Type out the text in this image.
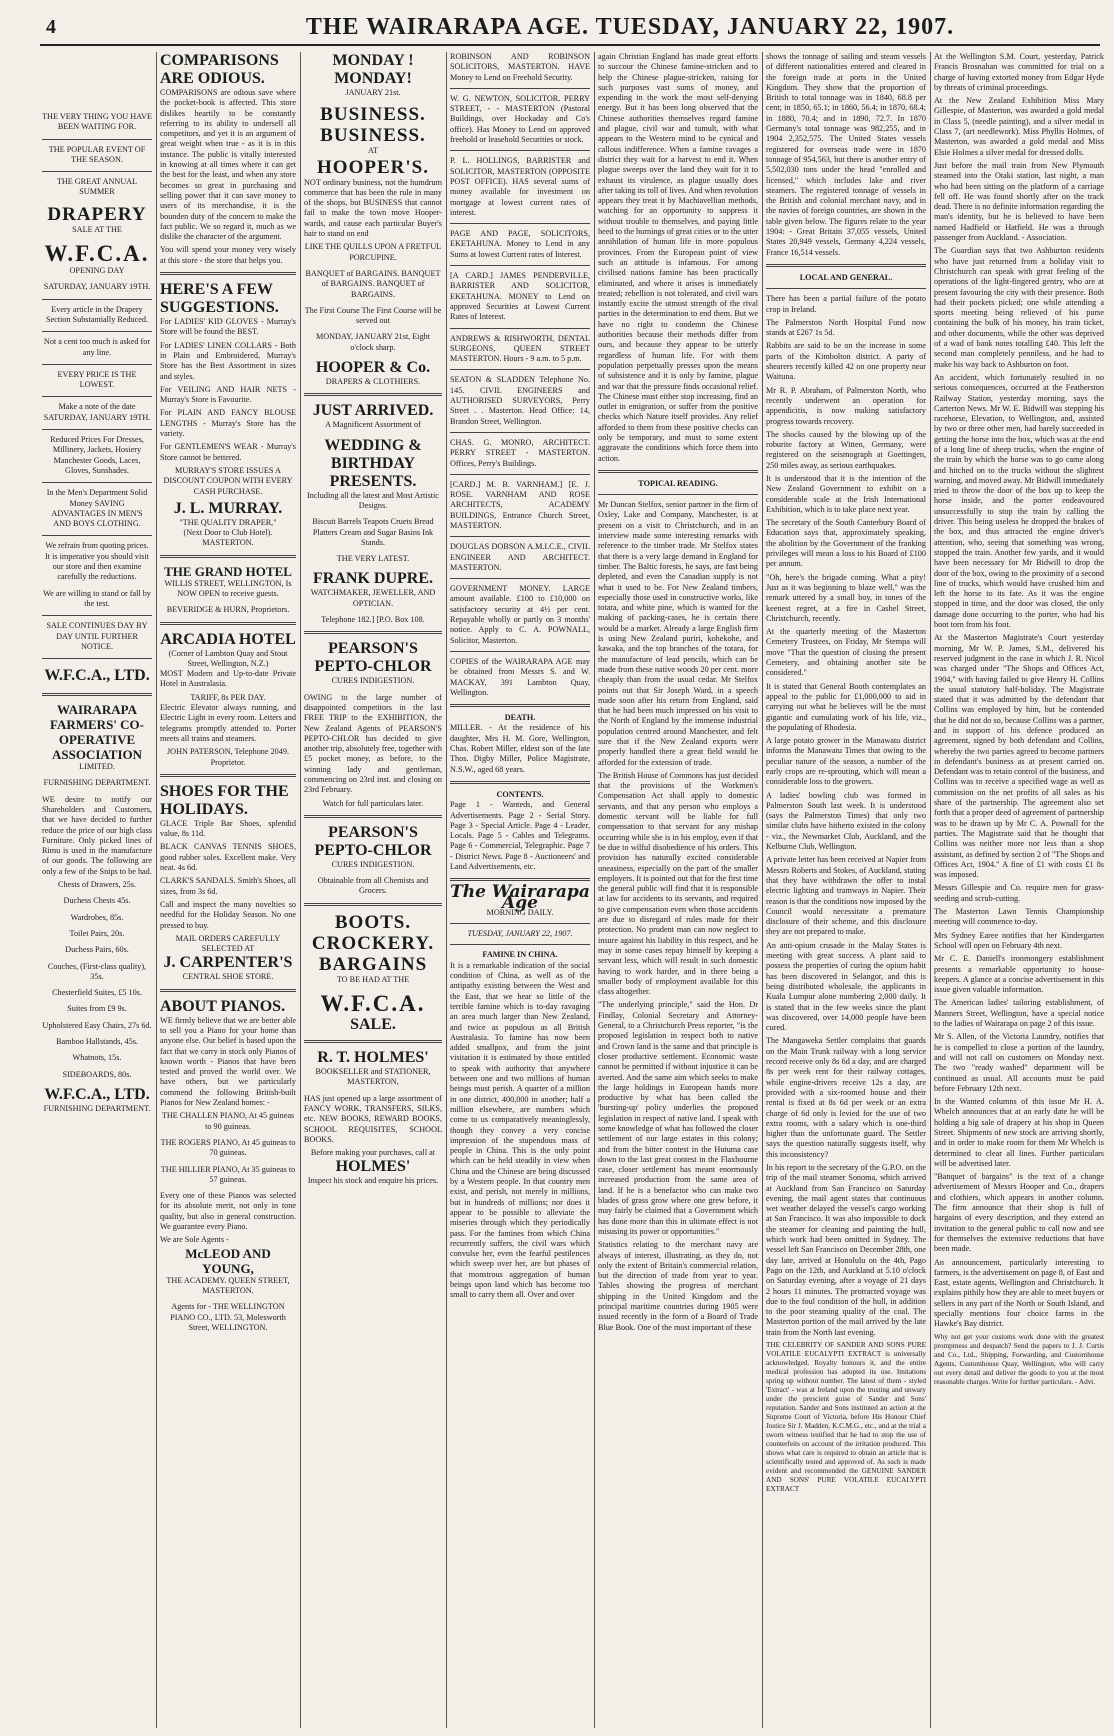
4	THE WAIRARAPA AGE. TUESDAY, JANUARY 22, 1907.
THE VERY THING YOU HAVE BEEN WAITING FOR.
THE POPULAR EVENT OF THE SEASON.
THE GREAT ANNUAL SUMMER
DRAPERY
SALE AT THE
W.F.C.A.
OPENING DAY
SATURDAY, JANUARY 19TH.
Every article in the Drapery Section Substantially Reduced.
Not a cent too much is asked for any line.
EVERY PRICE IS THE LOWEST.
Make a note of the date SATURDAY, JANUARY 19TH.
Reduced Prices For Dresses, Millinery, Jackets, Hosiery Manchester Goods, Laces, Gloves, Sunshades.
In the Men's Department Solid Money SAVING ADVANTAGES IN MEN'S AND BOYS CLOTHING.
We refrain from quoting prices. It is imperative you should visit our store and then examine carefully the reductions.
We are willing to stand or fall by the test.
SALE CONTINUES DAY BY DAY UNTIL FURTHER NOTICE.
W.F.C.A., LTD.
WAIRARAPA FARMERS' CO-OPERATIVE ASSOCIATION
LIMITED.
FURNISHING DEPARTMENT.

WE desire to notify our Shareholders and Customers, that we have decided to further reduce the price of our high class Furniture. Only picked lines of Rimu is used in the manufacture of our goods. The following are only a few of the Snips to be had.

Chests of Drawers, 25s.
Duchess Chests 45s.
Wardrobes, 85s.
Toilet Pairs, 20s.
Duchess Pairs, 60s.
Couches, (First-class quality), 35s.
Chesterfield Suites, £5 10s.
Suites from £9 9s.
Upholstered Easy Chairs, 27s 6d.
Bamboo Hallstands, 45s.
Whatnots, 15s.
SIDEBOARDS, 80s.
W.F.C.A., LTD.
FURNISHING DEPARTMENT.
COMPARISONS ARE ODIOUS.

COMPARISONS are odious save where the pocket-book is affected. This store dislikes heartily to be constantly referring to its ability to undersell all competitors, and yet it is an argument of great weight when true - as it is in this instance. The public is vitally interested in knowing at all times where it can get the best for the least, and when any store becomes so great in purchasing and selling power that it can save money to users of its merchandise, it is the bounden duty of the concern to make the fact public. We so regard it, much as we dislike the character of the argument.

You will spend your money very wisely at this store - the store that helps you.

HERE'S A FEW SUGGESTIONS.

For LADIES' KID GLOVES - Murray's Store will be found the BEST.

For LADIES' LINEN COLLARS - Both in Plain and Embroidered, Murray's Store has the Best Assortment in sizes and styles.

For VEILING AND HAIR NETS - Murray's Store is Favourite.

For PLAIN AND FANCY BLOUSE LENGTHS - Murray's Store has the variety.

For GENTLEMEN'S WEAR - Murray's Store cannot be bettered.

MURRAY'S STORE ISSUES A DISCOUNT COUPON WITH EVERY CASH PURCHASE.

J. L. MURRAY.
"THE QUALITY DRAPER,"
(Next Door to Club Hotel). MASTERTON.
THE GRAND HOTEL
WILLIS STREET, WELLINGTON, Is NOW OPEN to receive guests.
BEVERIDGE & HURN, Proprietors.
ARCADIA HOTEL
(Corner of Lambton Quay and Stout Street, Wellington, N.Z.)

MOST Modern and Up-to-date Private Hotel in Australasia.

TARIFF, 8s PER DAY.

Electric Elevator always running, and Electric Light in every room. Letters and telegrams promptly attended to. Porter meets all trains and steamers.

JOHN PATERSON, Telephone 2049. Proprietor.
SHOES FOR THE HOLIDAYS.

GLACE Triple Bar Shoes, splendid value, 8s 11d.

BLACK CANVAS TENNIS SHOES, good rubber soles. Excellent make. Very neat. 4s 6d.

CLARK'S SANDALS. Smith's Shoes, all sizes, from 3s 6d.

Call and inspect the many novelties so needful for the Holiday Season. No one pressed to buy.

MAIL ORDERS CAREFULLY SELECTED AT
J. CARPENTER'S
CENTRAL SHOE STORE.
ABOUT PIANOS.

WE firmly believe that we are better able to sell you a Piano for your home than anyone else. Our belief is based upon the fact that we carry in stock only Pianos of known worth - Pianos that have been tested and proved the world over. We have others, but we particularly commend the following British-built Pianos for New Zealand homes: -

THE CHALLEN PIANO, At 45 guineas to 90 guineas.
THE ROGERS PIANO, At 45 guineas to 70 guineas.
THE HILLIER PIANO, At 35 guineas to 57 guineas.

Every one of these Pianos was selected for its absolute merit, not only in tone quality, but also in general construction. We guarantee every Piano.

We are Sole Agents -
McLEOD AND YOUNG,
THE ACADEMY. QUEEN STREET, MASTERTON.
Agents for - THE WELLINGTON PIANO CO., LTD. 53, Molesworth Street, WELLINGTON.
MONDAY !
MONDAY!
JANUARY 21st.
BUSINESS.
BUSINESS.
AT
HOOPER'S.

NOT ordinary business, not the humdrum commerce that has been the rule in many of the shops, but BUSINESS that cannot fail to make the town move Hooper-wards, and cause each particular Buyer's hair to stand on end

LIKE THE QUILLS UPON A FRETFUL PORCUPINE.
BANQUET of BARGAINS. BANQUET of BARGAINS. BANQUET of BARGAINS.
The First Course The First Course will be served out
MONDAY, JANUARY 21st, Eight o'clock sharp.
HOOPER & Co.
DRAPERS & CLOTHIERS.
JUST ARRIVED.
A Magnificent Assortment of
WEDDING & BIRTHDAY PRESENTS.
Including all the latest and Most Artistic Designs.
Biscuit Barrels Teapots Cruets Bread Platters Cream and Sugar Basins Ink Stands.
THE VERY LATEST.
FRANK DUPRE.
WATCHMAKER, JEWELLER, AND OPTICIAN.
Telephone 182.] [P.O. Box 108.
PEARSON'S PEPTO-CHLOR
CURES INDIGESTION.

OWING to the large number of disappointed competitors in the last FREE TRIP to the EXHIBITION, the New Zealand Agents of PEARSON'S PEPTO-CHLOR has decided to give another trip, absolutely free, together with £5 pocket money, as before, to the winning lady and gentleman, commencing on 23rd inst. and closing on 23rd February.

Watch for full particulars later.
PEARSON'S PEPTO-CHLOR
CURES INDIGESTION.
Obtainable from all Chemists and Grocers.
BOOTS.
CROCKERY.
BARGAINS
TO BE HAD AT THE
W.F.C.A.
SALE.
R. T. HOLMES'
BOOKSELLER and STATIONER, MASTERTON,

HAS just opened up a large assortment of FANCY WORK, TRANSFERS, SILKS, etc. NEW BOOKS, REWARD BOOKS, SCHOOL REQUISITES, SCHOOL BOOKS.

Before making your purchases, call at
HOLMES'
Inspect his stock and enquire his prices.

ROBINSON AND ROBINSON SOLICITORS, MASTERTON. HAVE Money to Lend on Freehold Security.

W. G. NEWTON, SOLICITOR. PERRY STREET, - - MASTERTON (Pastoral Buildings, over Hockaday and Co's office). Has Money to Lend on approved freehold or leasehold Securities or stock.

P. L. HOLLINGS, BARRISTER and SOLICITOR, MASTERTON (OPPOSITE POST OFFICE). HAS several sums of money available for investment on mortgage at lowest current rates of interest.

PAGE AND PAGE, SOLICITORS, EKETAHUNA. Money to Lend in any Sums at lowest Current rates of Interest.

[A CARD.] JAMES PENDERVILLE, BARRISTER AND SOLICITOR, EKETAHUNA. MONEY to Lend on approved Securities at Lowest Current Rates of Interest.

ANDREWS & RISHWORTH, DENTAL SURGEONS, QUEEN STREET MASTERTON. Hours - 9 a.m. to 5 p.m.

SEATON & SLADDEN Telephone No. 145. CIVIL ENGINEERS and AUTHORISED SURVEYORS, Perry Street . . Masterton. Head Office: 14, Brandon Street, Wellington.

CHAS. G. MONRO, ARCHITECT. PERRY STREET - MASTERTON. Offices, Perry's Buildings.

[CARD.] M. B. VARNHAM.] [E. J. ROSE. VARNHAM AND ROSE ARCHITECTS, ACADEMY BUILDINGS, Entrance Church Street, MASTERTON.

DOUGLAS DOBSON A.M.I.C.E., CIVIL ENGINEER AND ARCHITECT. MASTERTON.

GOVERNMENT MONEY. LARGE amount available. £100 to £10,000 on satisfactory security at 4½ per cent. Repayable wholly or partly on 3 months' notice. Apply to C. A. POWNALL, Solicitor, Masterton.

COPIES of the WAIRARAPA AGE may be obtained from Messrs S. and W. MACKAY, 391 Lambton Quay, Wellington.

DEATH.

MILLER. - At the residence of his daughter, Mrs H. M. Gore, Wellington, Chas. Robert Miller, eldest son of the late Thos. Digby Miller, Police Magistrate, N.S.W., aged 68 years.

CONTENTS.

Page 1 - Wanteds, and General Advertisements. Page 2 - Serial Story. Page 3 - Special Article. Page 4 - Leader, Locals. Page 5 - Cables and Telegrams. Page 6 - Commercial, Telegraphic. Page 7 - District News. Page 8 - Auctioneers' and Land Advertisements, etc.

The Wairarapa Age
MORNING DAILY.
TUESDAY, JANUARY 22, 1907.
FAMINE IN CHINA.

It is a remarkable indication of the social condition of China, as well as of the antipathy existing between the West and the East, that we hear so little of the terrible famine which is to-day ravaging an area much larger than New Zealand, and twice as populous as all British Australasia. To famine has now been added smallpox, and from the joint visitation it is estimated by those entitled to speak with authority that anywhere between one and two millions of human beings must perish. A quarter of a million in one district, 400,000 in another; half a million elsewhere, are numbers which come to us comparatively meaninglessly, though they convey a very concise impression of the stupendous mass of people in China. This is the only point which can be held steadily in view when China and the Chinese are being discussed by a Western people. In that country men exist, and perish, not merely in millions, but in hundreds of millions; nor does it appear to be possible to alleviate the miseries through which they periodically pass. For the famines from which China recurrently suffers, the civil wars which convulse her, even the fearful pestilences which sweep over her, are but phases of that monstrous aggregation of human beings upon land which has become too small to carry them all. Over and over

again Christian England has made great efforts to succour the Chinese famine-stricken and to help the Chinese plague-stricken, raising for such purposes vast sums of money, and expending in the work the most self-denying energy. But it has been long observed that the Chinese authorities themselves regard famine and plague, civil war and tumult, with what appears to the Western mind to be cynical and callous indifference. When a famine ravages a district they wait for a harvest to end it. When plague sweeps over the land they wait for it to exhaust its virulence, as plague usually does after taking its toll of lives. And when revolution appears they treat it by Machiavellian methods, watching for an opportunity to suppress it without trouble to themselves, and paying little heed to the burnings of great cities or to the utter annihilation of human life in more populous provinces. From the European point of view such an attitude is infamous. For among civilised nations famine has been practically eliminated, and where it arises is immediately treated; rebellion is not tolerated, and civil wars instantly excite the utmost strength of the rival parties in the determination to end them. But we have no right to condemn the Chinese authorities because their methods differ from ours, and because they appear to be utterly regardless of human life. For with them population perpetually presses upon the means of subsistence and it is only by famine, plague and war that the pressure finds occasional relief. The Chinese must either stop increasing, find an outlet in emigration, or suffer from the positive checks which Nature itself provides. Any relief afforded to them from these positive checks can only be temporary, and must to some extent aggravate the conditions which force them into action.

TOPICAL READING.

Mr Duncan Stelfox, senior partner in the firm of Oxley, Lake and Company, Manchester, is at present on a visit to Christchurch, and in an interview made some interesting remarks with reference to the timber trade. Mr Stelfox states that there is a very large demand in England for timber. The Baltic forests, he says, are fast being depleted, and even the Canadian supply is not what it used to be. For New Zealand timbers, especially those used in constructive works, like totara, and white pine, which is wanted for the making of packing-cases, he is certain there would be a market. Already a large English firm is using New Zealand puriri, kohekohe, and kawaka, and the top branches of the totara, for the manufacture of lead pencils, which can be made from these native woods 20 per cent. more cheaply than from the usual cedar. Mr Stelfox points out that Sir Joseph Ward, in a speech made soon after his return from England, said that he had been much impressed on his visit to the North of England by the immense industrial population centred around Manchester, and felt sure that if the New Zealand exports were properly handled there a great field would be afforded for the extension of trade.

The British House of Commons has just decided that the provisions of the Workmen's Compensation Act shall apply to domestic servants, and that any person who employs a domestic servant will be liable for full compensation to that servant for any mishap occurring while she is in his employ, even if that be due to wilful disobedience of his orders. This provision has naturally excited considerable uneasiness, especially on the part of the smaller employers. It is pointed out that for the first time the general public will find that it is responsible at law for accidents to its servants, and required to give compensation even when those accidents are due to disregard of rules made for their protection. No prudent man can now neglect to insure against his liability in this respect, and he may in some cases repay himself by keeping a servant less, which will result in such domestic having to work harder, and in there being a smaller body of employment available for this class altogether.

"The underlying principle," said the Hon. Dr Findlay, Colonial Secretary and Attorney-General, to a Christchurch Press reporter, "is the proposed legislation in respect both to native and Crown land is the same and that principle is closer productive settlement. Economic waste cannot be permitted if without injustice it can be averted. And the same aim which seeks to make the large holdings in European hands more productive by what has been called the 'bursting-up' policy underlies the proposed legislation in respect of native land. I speak with some knowledge of what has followed the closer settlement of our large estates in this colony; and from the bitter contest in the Hutuma case down to the last great contest in the Flaxbourne case, closer settlement has meant enormously increased production from the same area of land. If he is a benefactor who can make two blades of grass grow where one grew before, it may fairly be claimed that a Government which has done more than this in ultimate effect is not misusing its power or opportunities."

Statistics relating to the merchant navy are always of interest, illustrating, as they do, not only the extent of Britain's commercial relation, but the direction of trade from year to year. Tables showing the progress of merchant shipping in the United Kingdom and the principal maritime countries during 1905 were issued recently in the form of a Board of Trade Blue Book. One of the most important of these

shows the tonnage of sailing and steam vessels of different nationalities entered and cleared in the foreign trade at ports in the United Kingdom. They show that the proportion of British to total tonnage was in 1840, 68.8 per cent; in 1850, 65.1; in 1860, 56.4; in 1870, 68.4; in 1880, 70.4; and in 1890, 72.7. In 1870 Germany's total tonnage was 982,255, and in 1904 2,352,575. The United States vessels registered for overseas trade were in 1870 tonnage of 954,563, but there is another entry of 5,502,030 tons under the head "enrolled and licensed," which includes lake and river steamers. The registered tonnage of vessels in the British and colonial merchant navy, and in the navies of foreign countries, are shown in the table given below. The figures relate to the year 1904: - Great Britain 37,055 vessels, United States 20,949 vessels, Germany 4,224 vessels, France 16,514 vessels.

LOCAL AND GENERAL.

There has been a partial failure of the potato crop in Ireland.

The Palmerston North Hospital Fund now stands at £267 1s 5d.

Rabbits are said to be on the increase in some parts of the Kimbolton district. A party of shearers recently killed 42 on one property near Waituna.

Mr R. P. Abraham, of Palmerston North, who recently underwent an operation for appendicitis, is now making satisfactory progress towards recovery.

The shocks caused by the blowing up of the roburite factory at Witten, Germany, were registered on the seismograph at Goettingen, 250 miles away, as serious earthquakes.

It is understood that it is the intention of the New Zealand Government to exhibit on a considerable scale at the Irish International Exhibition, which is to take place next year.

The secretary of the South Canterbury Board of Education says that, approximately speaking, the abolition by the Government of the franking privileges will mean a loss to his Board of £100 per annum.

"Oh, here's the brigade coming. What a pity! Just as it was beginning to blaze well," was the remark uttered by a small boy, in tones of the keenest regret, at a fire in Cashel Street, Christchurch, recently.

At the quarterly meeting of the Masterton Cemetery Trustees, on Friday, Mr Stempa will move "That the question of closing the present Cemetery, and obtaining another site be considered."

It is stated that General Booth contemplates an appeal to the public for £1,000,000 to aid in carrying out what he believes will be the most gigantic and cumulating work of his life, viz., the populating of Rhodesia.

A large potato grower in the Manawatu district informs the Manawatu Times that owing to the peculiar nature of the season, a number of the early crops are re-sprouting, which will mean a considerable loss to the growers.

A ladies' bowling club was formed in Palmerston South last week. It is understood (says the Palmerston Times) that only two similar clubs have hitherto existed in the colony - viz., the Newmarket Club, Auckland, and the Kelburne Club, Wellington.

A private letter has been received at Napier from Messrs Roberts and Stokes, of Auckland, stating that they have withdrawn the offer to instal electric lighting and tramways in Napier. Their reason is that the conditions now imposed by the Council would necessitate a premature disclosure of their scheme, and this disclosure they are not prepared to make.

An anti-opium crusade in the Malay States is meeting with great success. A plant said to possess the properties of curing the opium habit has been discovered in Selangor, and this is being distributed wholesale, the applicants in Kuala Lumpur alone numbering 2,000 daily. It is stated that in the few weeks since the plant was discovered, over 14,000 people have been cured.

The Mangaweka Settler complains that guards on the Main Trunk railway with a long service record receive only 8s 6d a day, and are charged 8s per week rent for their railway cottages, while engine-drivers receive 12s a day, are provided with a six-roomed house and their rental is fixed at 8s 6d per week or an extra charge of 6d only is levied for the use of two extra rooms, with a salary which is one-third higher than the unfortunate guard. The Settler says the question naturally suggests itself, why this inconsistency?

In his report to the secretary of the G.P.O. on the trip of the mail steamer Sonoma, which arrived at Auckland from San Francisco on Saturday evening, the mail agent states that continuous wet weather delayed the vessel's cargo working at San Francisco. It was also impossible to dock the steamer for cleaning and painting the hull, which work had been omitted in Sydney. The vessel left San Francisco on December 28th, one day late, arrived at Honolulu on the 4th, Pago Pago on the 12th, and Auckland at 5.10 o'clock on Saturday evening, after a voyage of 21 days 2 hours 11 minutes. The protracted voyage was due to the foul condition of the hull, in addition to the poor steaming quality of the coal. The Masterton portion of the mail arrived by the late train from the North last evening.

THE CELEBRITY OF SANDER AND SONS PURE VOLATILE EUCALYPTI EXTRACT is universally acknowledged. Royalty honours it, and the entire medical profession has adopted its use. Imitations spring up without number. The latest of them - styled 'Extract' - was at Ireland upon the trusting and unwary under the prescient guise of Sander and Sons' reputation. Sander and Sons instituted an action at the Supreme Court of Victoria, before His Honour Chief Justice Sir J. Madden, K.C.M.G., etc., and at the trial a sworn witness testified that he had to stop the use of counterfeits on account of the irritation produced. This shows what care is required to obtain an article that is scientifically tested and approved of. As such is made evident and recommended the GENUINE SANDER AND SONS' PURE VOLATILE EUCALYPTI EXTRACT

At the Wellington S.M. Court, yesterday, Patrick Francis Brosnahan was committed for trial on a charge of having extorted money from Edgar Hyde by threats of criminal proceedings.

At the New Zealand Exhibition Miss Mary Gillespie, of Masterton, was awarded a gold medal in Class 5, (needle painting), and a silver medal in Class 7, (art needlework). Miss Phyllis Holmes, of Masterton, was awarded a gold medal and Miss Elsie Holmes a silver medal for dressed dolls.

Just before the mail train from New Plymouth steamed into the Otaki station, last night, a man who had been sitting on the platform of a carriage fell off. He was found shortly after on the track dead. There is no definite information regarding the man's identity, but he is believed to have been named Hadfield or Hatfield. He was a through passenger from Auckland. - Association.

The Guardian says that two Ashburton residents who have just returned from a holiday visit to Christchurch can speak with great feeling of the operations of the light-fingered gentry, who are at present favouring the city with their presence. Both had their pockets picked; one while attending a sports meeting being relieved of his purse containing the bulk of his money, his train ticket, and other documents, while the other was deprived of a wad of bank notes totalling £40. This left the second man completely penniless, and he had to make his way back to Ashburton on foot.

An accident, which fortunately resulted in no serious consequences, occurred at the Featherston Railway Station, yesterday morning, says the Carterton News. Mr W. E. Bidwill was stepping his racehorse, Elevation, to Wellington, and, assisted by two or three other men, had barely succeeded in getting the horse into the box, which was at the end of a long line of sheep trucks, when the engine of the train by which the horse was to go came along and hitched on to the trucks without the slightest warning, and moved away. Mr Bidwill immediately tried to throw the door of the box up to keep the horse inside, and the porter endeavoured unsuccessfully to stop the train by calling the driver. This being useless he dropped the brakes of the box, and thus attracted the engine driver's attention, who, seeing that something was wrong, stopped the train. Another few yards, and it would have been necessary for Mr Bidwill to drop the door of the box, owing to the proximity of a second line of trucks, which would have crushed him and left the horse to its fate. As it was the engine stopped in time, and the door was closed, the only damage done occurring to the porter, who had his boot torn from his foot.

At the Masterton Magistrate's Court yesterday morning, Mr W. P. James, S.M., delivered his reserved judgment in the case in which J. R. Nicol was charged under "The Shops and Offices Act, 1904," with having failed to give Henry H. Collins the usual statutory half-holiday. The Magistrate stated that it was admitted by the defendant that Collins was employed by him, but he contended that he did not do so, because Collins was a partner, and in support of his defence produced an agreement, signed by both defendant and Collins, whereby the two parties agreed to become partners in defendant's business as at present carried on. Defendant was to retain control of the business, and Collins was to receive a specified wage as well as commission on the net profits of all sales as his share of the partnership. The agreement also set forth that a proper deed of agreement of partnership was to be drawn up by Mr C. A. Pownall for the parties. The Magistrate said that he thought that Collins was neither more nor less than a shop assistant, as defined by section 2 of "The Shops and Offices Act, 1904." A fine of £1 with costs £1 8s was imposed.

Messrs Gillespie and Co. require men for grass-seeding and scrub-cutting.

The Masterton Lawn Tennis Championship meeting will commence to-day.

Mrs Sydney Earee notifies that her Kindergarten School will open on February 4th next.

Mr C. E. Daniell's ironmongery establishment presents a remarkable opportunity to house-keepers. A glance at a concise advertisement in this issue given valuable information.

The American ladies' tailoring establishment, of Manners Street, Wellington, have a special notice to the ladies of Wairarapa on page 2 of this issue.

Mr S. Allen, of the Victoria Laundry, notifies that he is compelled to close a portion of the laundry, and will not call on customers on Monday next. The two "ready washed" department will be continued as usual. All accounts must be paid before February 12th next.

In the Wanted columns of this issue Mr H. A. Whelch announces that at an early date he will be holding a big sale of drapery at his shop in Queen Street. Shipments of new stock are arriving shortly, and in order to make room for them Mr Whelch is determined to clear all lines. Further particulars will be advertised later.

"Banquet of bargains" is the text of a change advertisement of Messrs Hooper and Co., drapers and clothiers, which appears in another column. The firm announce that their shop is full of bargains of every description, and they extend an invitation to the general public to call now and see for themselves the extensive reductions that have been made.

An announcement, particularly interesting to farmers, is the advertisement on page 8, of East and East, estate agents, Wellington and Christchurch. It explains pithily how they are able to meet buyers or sellers in any part of the North or South Island, and specially mentions four choice farms in the Hawke's Bay district.

Why not get your customs work done with the greatest promptness and despatch? Send the papers to J. J. Curtis and Co., Ltd., Shipping, Forwarding, and Customhouse Agents, Customhouse Quay, Wellington, who will carry out every detail and deliver the goods to you at the most reasonable charges. Write for further particulars. - Advt.
